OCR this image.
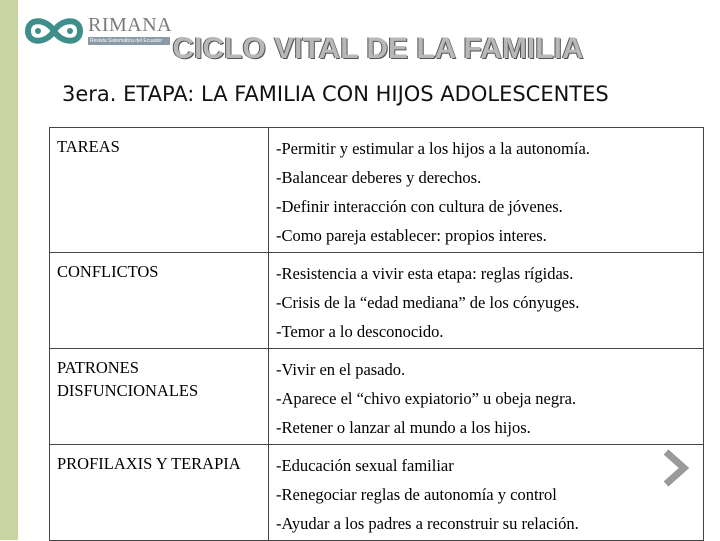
RIMANA
Revista Sistemática del Ecuador CICLO VITAL DE LA FAMILIA
3era. ETAPA: LA FAMILIA CON HIJOS ADOLESCENTES
TAREAS	-Permitir y estimular a los hijos a la autonomía.
-Balancear deberes y derechos.
-Definir interacción con cultura de jóvenes.
-Como pareja establecer: propios interes.

CONFLICTOS	-Resistencia a vivir esta etapa: reglas rígidas.
-Crisis de la “edad mediana” de los cónyuges.
-Temor a lo desconocido.

PATRONES DISFUNCIONALES	-Vivir en el pasado.
-Aparece el “chivo expiatorio” u obeja negra.
-Retener o lanzar al mundo a los hijos.

PROFILAXIS Y TERAPIA	-Educación sexual familiar
-Renegociar reglas de autonomía y control
-Ayudar a los padres a reconstruir su relación.
